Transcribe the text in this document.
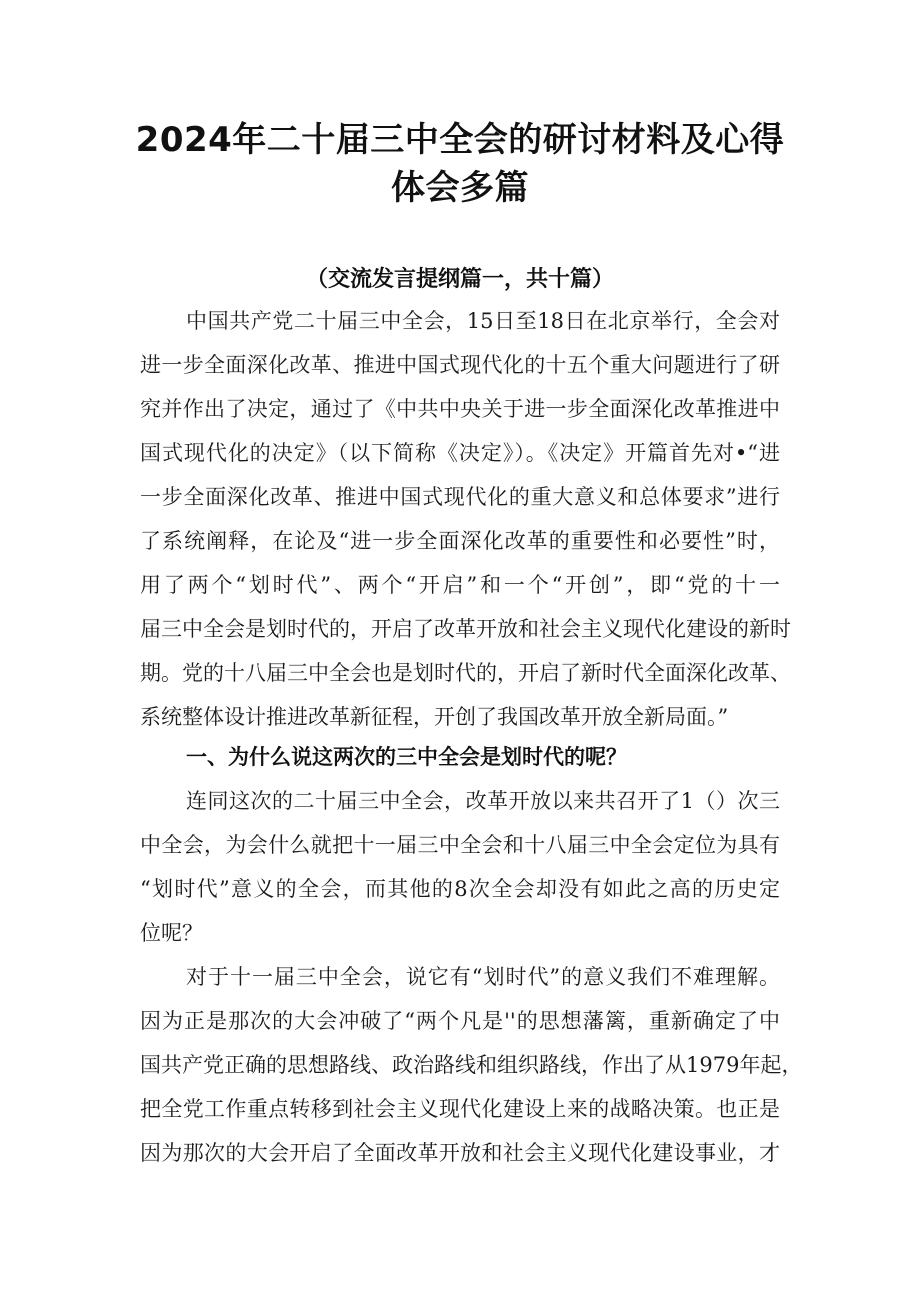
2024年二十届三中全会的研讨材料及心得
体会多篇
（交流发言提纲篇一，共十篇）

中国共产党二十届三中全会，15日至18日在北京举行，全会对

进一步全面深化改革、推进中国式现代化的十五个重大问题进行了研

究并作出了决定，通过了《中共中央关于进一步全面深化改革推进中

国式现代化的决定》（以下简称《决定》）。《决定》开篇首先对•“进

一步全面深化改革、推进中国式现代化的重大意义和总体要求”进行

了系统阐释，在论及“进一步全面深化改革的重要性和必要性”时，

用了两个“划时代”、两个“开启”和一个“开创”，即“党的十一

届三中全会是划时代的，开启了改革开放和社会主义现代化建设的新时

期。党的十八届三中全会也是划时代的，开启了新时代全面深化改革、

系统整体设计推进改革新征程，开创了我国改革开放全新局面。”

一、为什么说这两次的三中全会是划时代的呢？

连同这次的二十届三中全会，改革开放以来共召开了1（）次三

中全会，为会什么就把十一届三中全会和十八届三中全会定位为具有

“划时代”意义的全会，而其他的8次全会却没有如此之高的历史定

位呢？

对于十一届三中全会，说它有“划时代”的意义我们不难理解。

因为正是那次的大会冲破了“两个凡是''的思想藩篱，重新确定了中

国共产党正确的思想路线、政治路线和组织路线，作出了从1979年起，

把全党工作重点转移到社会主义现代化建设上来的战略决策。也正是

因为那次的大会开启了全面改革开放和社会主义现代化建设事业，才
